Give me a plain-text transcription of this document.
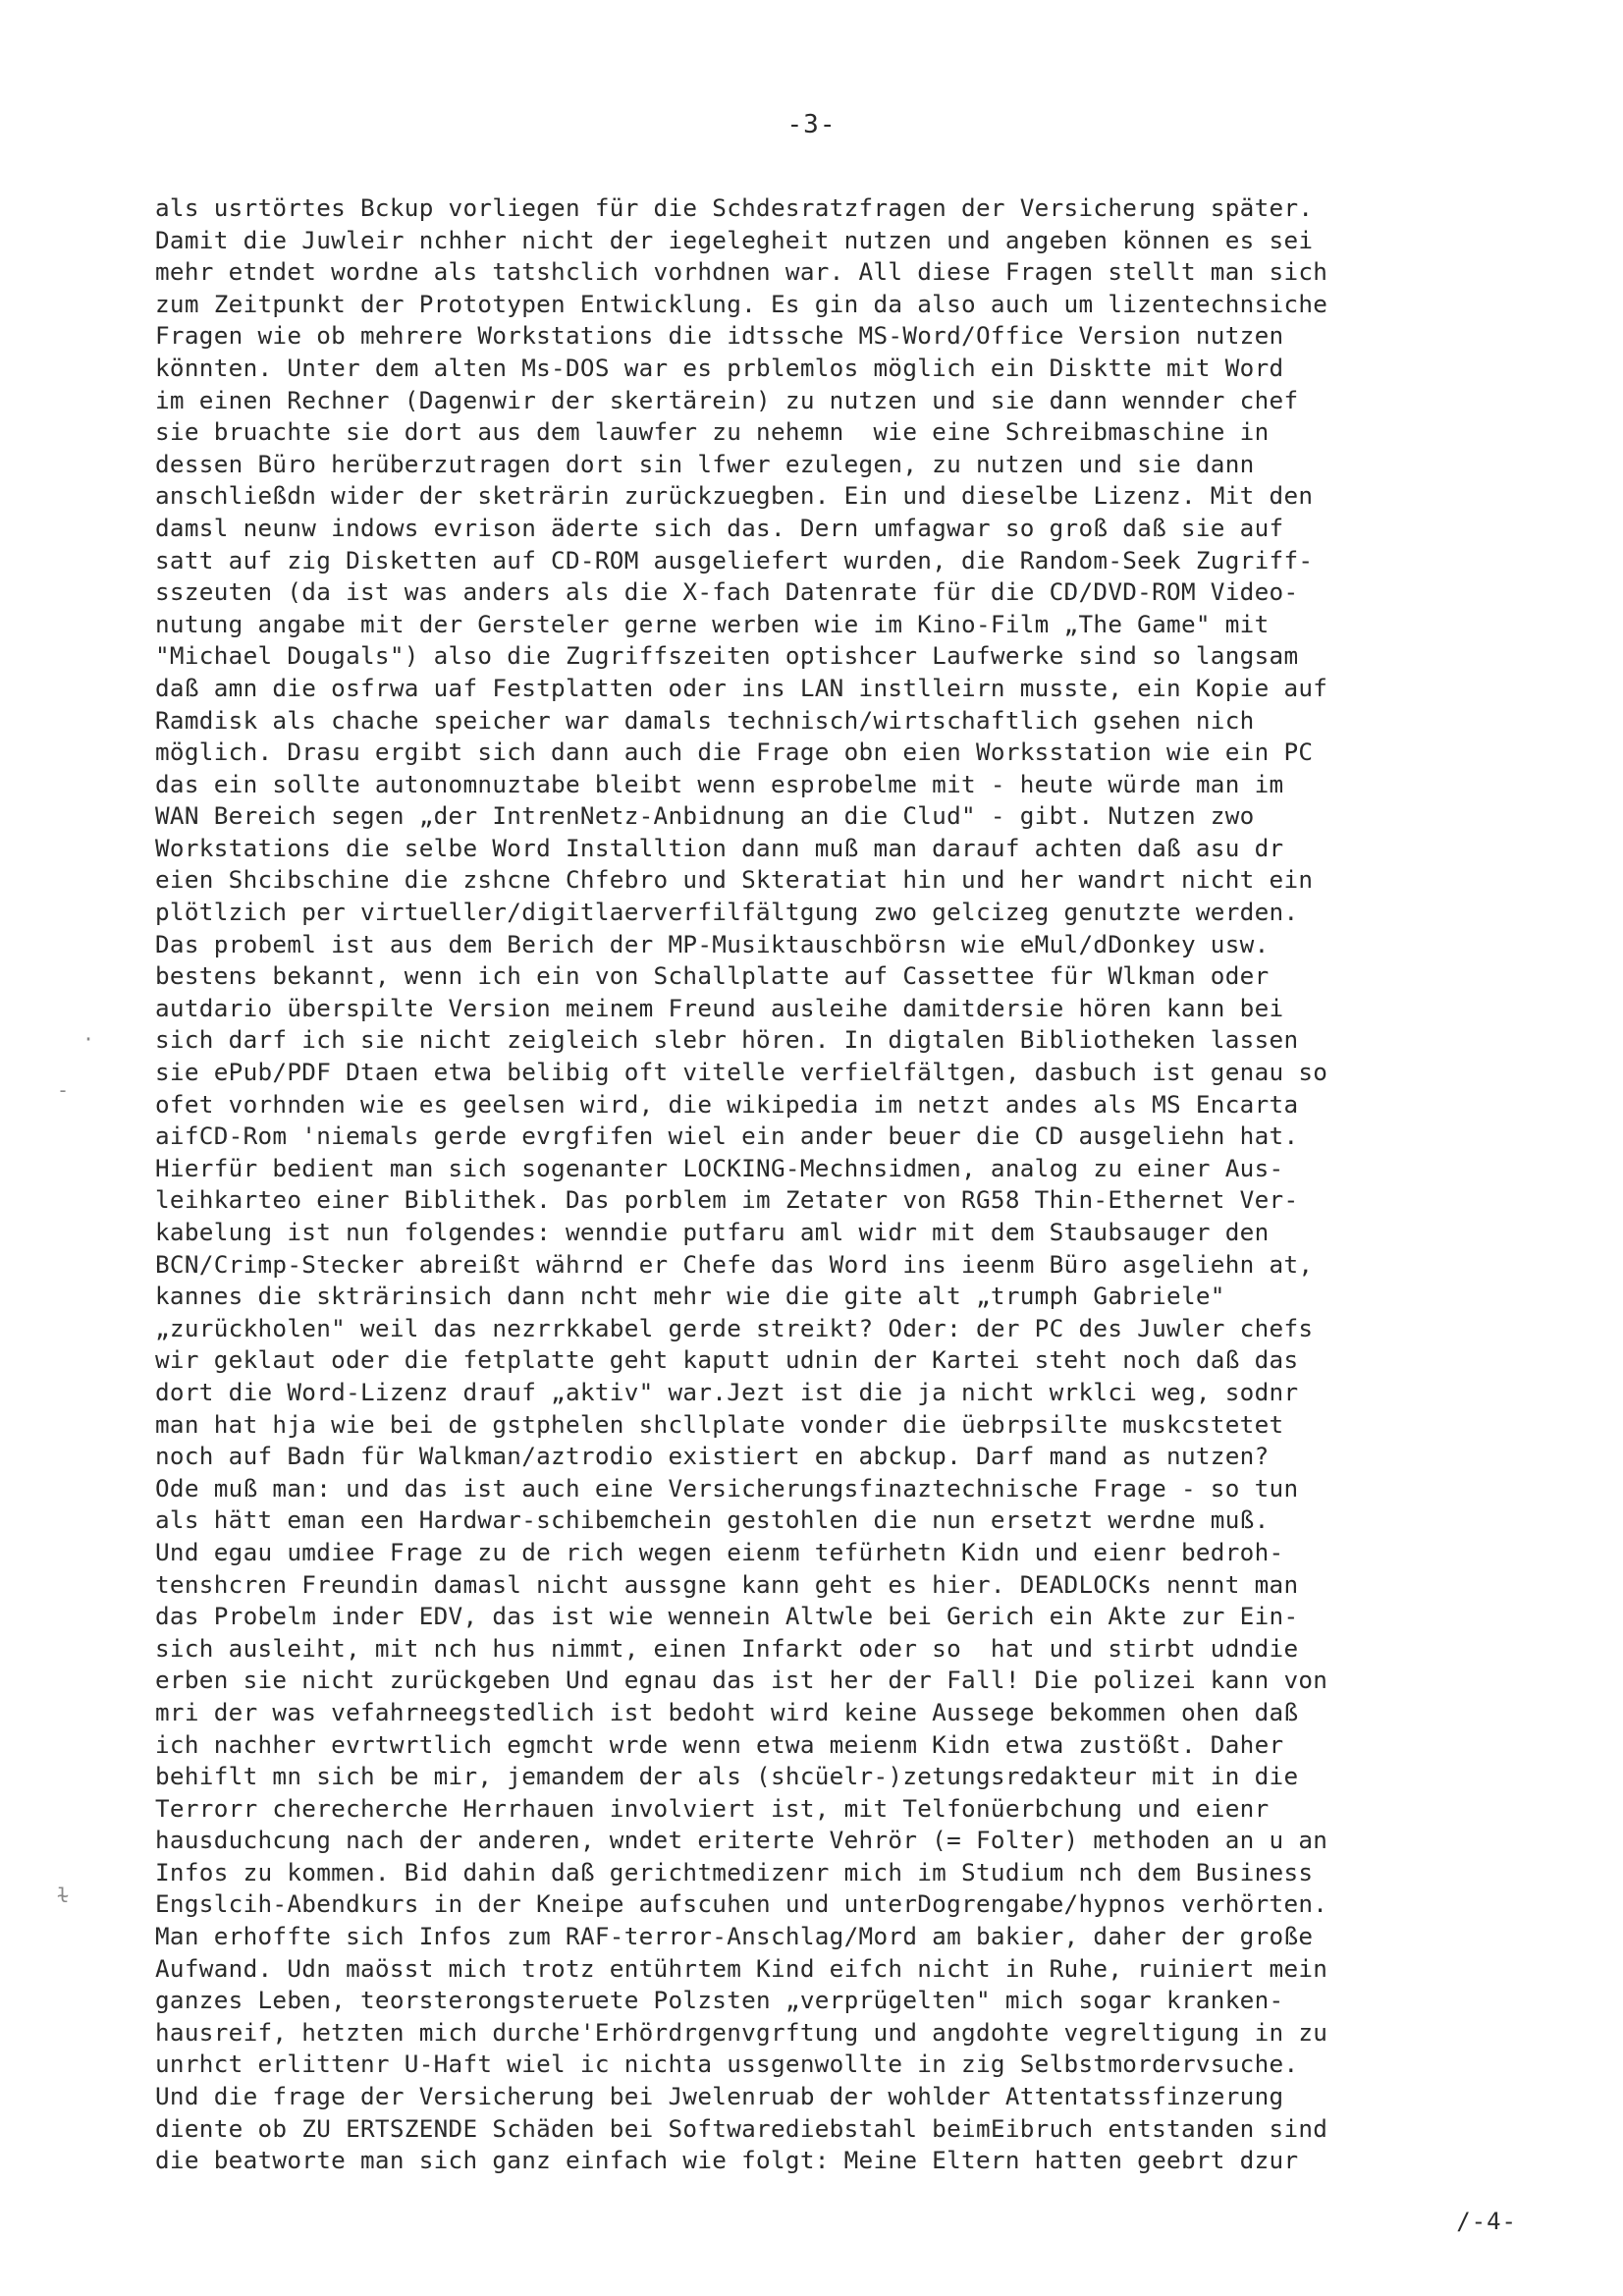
-3-
als usrtörtes Bckup vorliegen für die Schdesratzfragen der Versicherung später.
Damit die Juwleir nchher nicht der iegelegheit nutzen und angeben können es sei
mehr etndet wordne als tatshclich vorhdnen war. All diese Fragen stellt man sich
zum Zeitpunkt der Prototypen Entwicklung. Es gin da also auch um lizentechnsiche
Fragen wie ob mehrere Workstations die idtssche MS-Word/Office Version nutzen
könnten. Unter dem alten Ms-DOS war es prblemlos möglich ein Disktte mit Word
im einen Rechner (Dagenwir der skertärein) zu nutzen und sie dann wennder chef
sie bruachte sie dort aus dem lauwfer zu nehemn  wie eine Schreibmaschine in
dessen Büro herüberzutragen dort sin lfwer ezulegen, zu nutzen und sie dann
anschließdn wider der sketrärin zurückzuegben. Ein und dieselbe Lizenz. Mit den
damsl neunw indows evrison äderte sich das. Dern umfagwar so groß daß sie auf
satt auf zig Disketten auf CD-ROM ausgeliefert wurden, die Random-Seek Zugriff-
sszeuten (da ist was anders als die X-fach Datenrate für die CD/DVD-ROM Video-
nutung angabe mit der Gersteler gerne werben wie im Kino-Film „The Game" mit
"Michael Dougals") also die Zugriffszeiten optishcer Laufwerke sind so langsam
daß amn die osfrwa uaf Festplatten oder ins LAN instlleirn musste, ein Kopie auf
Ramdisk als chache speicher war damals technisch/wirtschaftlich gsehen nich
möglich. Drasu ergibt sich dann auch die Frage obn eien Worksstation wie ein PC
das ein sollte autonomnuztabe bleibt wenn esprobelme mit - heute würde man im
WAN Bereich segen „der IntrenNetz-Anbidnung an die Clud" - gibt. Nutzen zwo
Workstations die selbe Word Installtion dann muß man darauf achten daß asu dr
eien Shcibschine die zshcne Chfebro und Skteratiat hin und her wandrt nicht ein
plötlzich per virtueller/digitlaerverfilfältgung zwo gelcizeg genutzte werden.
Das probeml ist aus dem Berich der MP-Musiktauschbörsn wie eMul/dDonkey usw.
bestens bekannt, wenn ich ein von Schallplatte auf Cassettee für Wlkman oder
autdario überspilte Version meinem Freund ausleihe damitdersie hören kann bei
sich darf ich sie nicht zeigleich slebr hören. In digtalen Bibliotheken lassen
sie ePub/PDF Dtaen etwa belibig oft vitelle verfielfältgen, dasbuch ist genau so
ofet vorhnden wie es geelsen wird, die wikipedia im netzt andes als MS Encarta
aifCD-Rom 'niemals gerde evrgfifen wiel ein ander beuer die CD ausgeliehn hat.
Hierfür bedient man sich sogenanter LOCKING-Mechnsidmen, analog zu einer Aus-
leihkarteo einer Biblithek. Das porblem im Zetater von RG58 Thin-Ethernet Ver-
kabelung ist nun folgendes: wenndie putfaru aml widr mit dem Staubsauger den
BCN/Crimp-Stecker abreißt währnd er Chefe das Word ins ieenm Büro asgeliehn at,
kannes die skträrinsich dann ncht mehr wie die gite alt „trumph Gabriele"
„zurückholen" weil das nezrrkkabel gerde streikt? Oder: der PC des Juwler chefs
wir geklaut oder die fetplatte geht kaputt udnin der Kartei steht noch daß das
dort die Word-Lizenz drauf „aktiv" war.Jezt ist die ja nicht wrklci weg, sodnr
man hat hja wie bei de gstphelen shcllplate vonder die üebrpsilte muskcstetet
noch auf Badn für Walkman/aztrodio existiert en abckup. Darf mand as nutzen?
Ode muß man: und das ist auch eine Versicherungsfinaztechnische Frage - so tun
als hätt eman een Hardwar-schibemchein gestohlen die nun ersetzt werdne muß.
Und egau umdiee Frage zu de rich wegen eienm tefürhetn Kidn und eienr bedroh-
tenshcren Freundin damasl nicht aussgne kann geht es hier. DEADLOCKs nennt man
das Probelm inder EDV, das ist wie wennein Altwle bei Gerich ein Akte zur Ein-
sich ausleiht, mit nch hus nimmt, einen Infarkt oder so  hat und stirbt udndie
erben sie nicht zurückgeben Und egnau das ist her der Fall! Die polizei kann von
mri der was vefahrneegstedlich ist bedoht wird keine Aussege bekommen ohen daß
ich nachher evrtwrtlich egmcht wrde wenn etwa meienm Kidn etwa zustößt. Daher
behiflt mn sich be mir, jemandem der als (shcüelr-)zetungsredakteur mit in die
Terrorr cherecherche Herrhauen involviert ist, mit Telfonüerbchung und eienr
hausduchcung nach der anderen, wndet eriterte Vehrör (= Folter) methoden an u an
Infos zu kommen. Bid dahin daß gerichtmedizenr mich im Studium nch dem Business
Engslcih-Abendkurs in der Kneipe aufscuhen und unterDogrengabe/hypnos verhörten.
Man erhoffte sich Infos zum RAF-terror-Anschlag/Mord am bakier, daher der große
Aufwand. Udn maösst mich trotz entührtem Kind eifch nicht in Ruhe, ruiniert mein
ganzes Leben, teorsterongsteruete Polzsten „verprügelten" mich sogar kranken-
hausreif, hetzten mich durche'Erhördrgenvgrftung und angdohte vegreltigung in zu
unrhct erlittenr U-Haft wiel ic nichta ussgenwollte in zig Selbstmordervsuche.
Und die frage der Versicherung bei Jwelenruab der wohlder Attentatssfinzerung
diente ob ZU ERTSZENDE Schäden bei Softwarediebstahl beimEibruch entstanden sind
die beatworte man sich ganz einfach wie folgt: Meine Eltern hatten geebrt dzur
·
-
ɫ
/-4-
